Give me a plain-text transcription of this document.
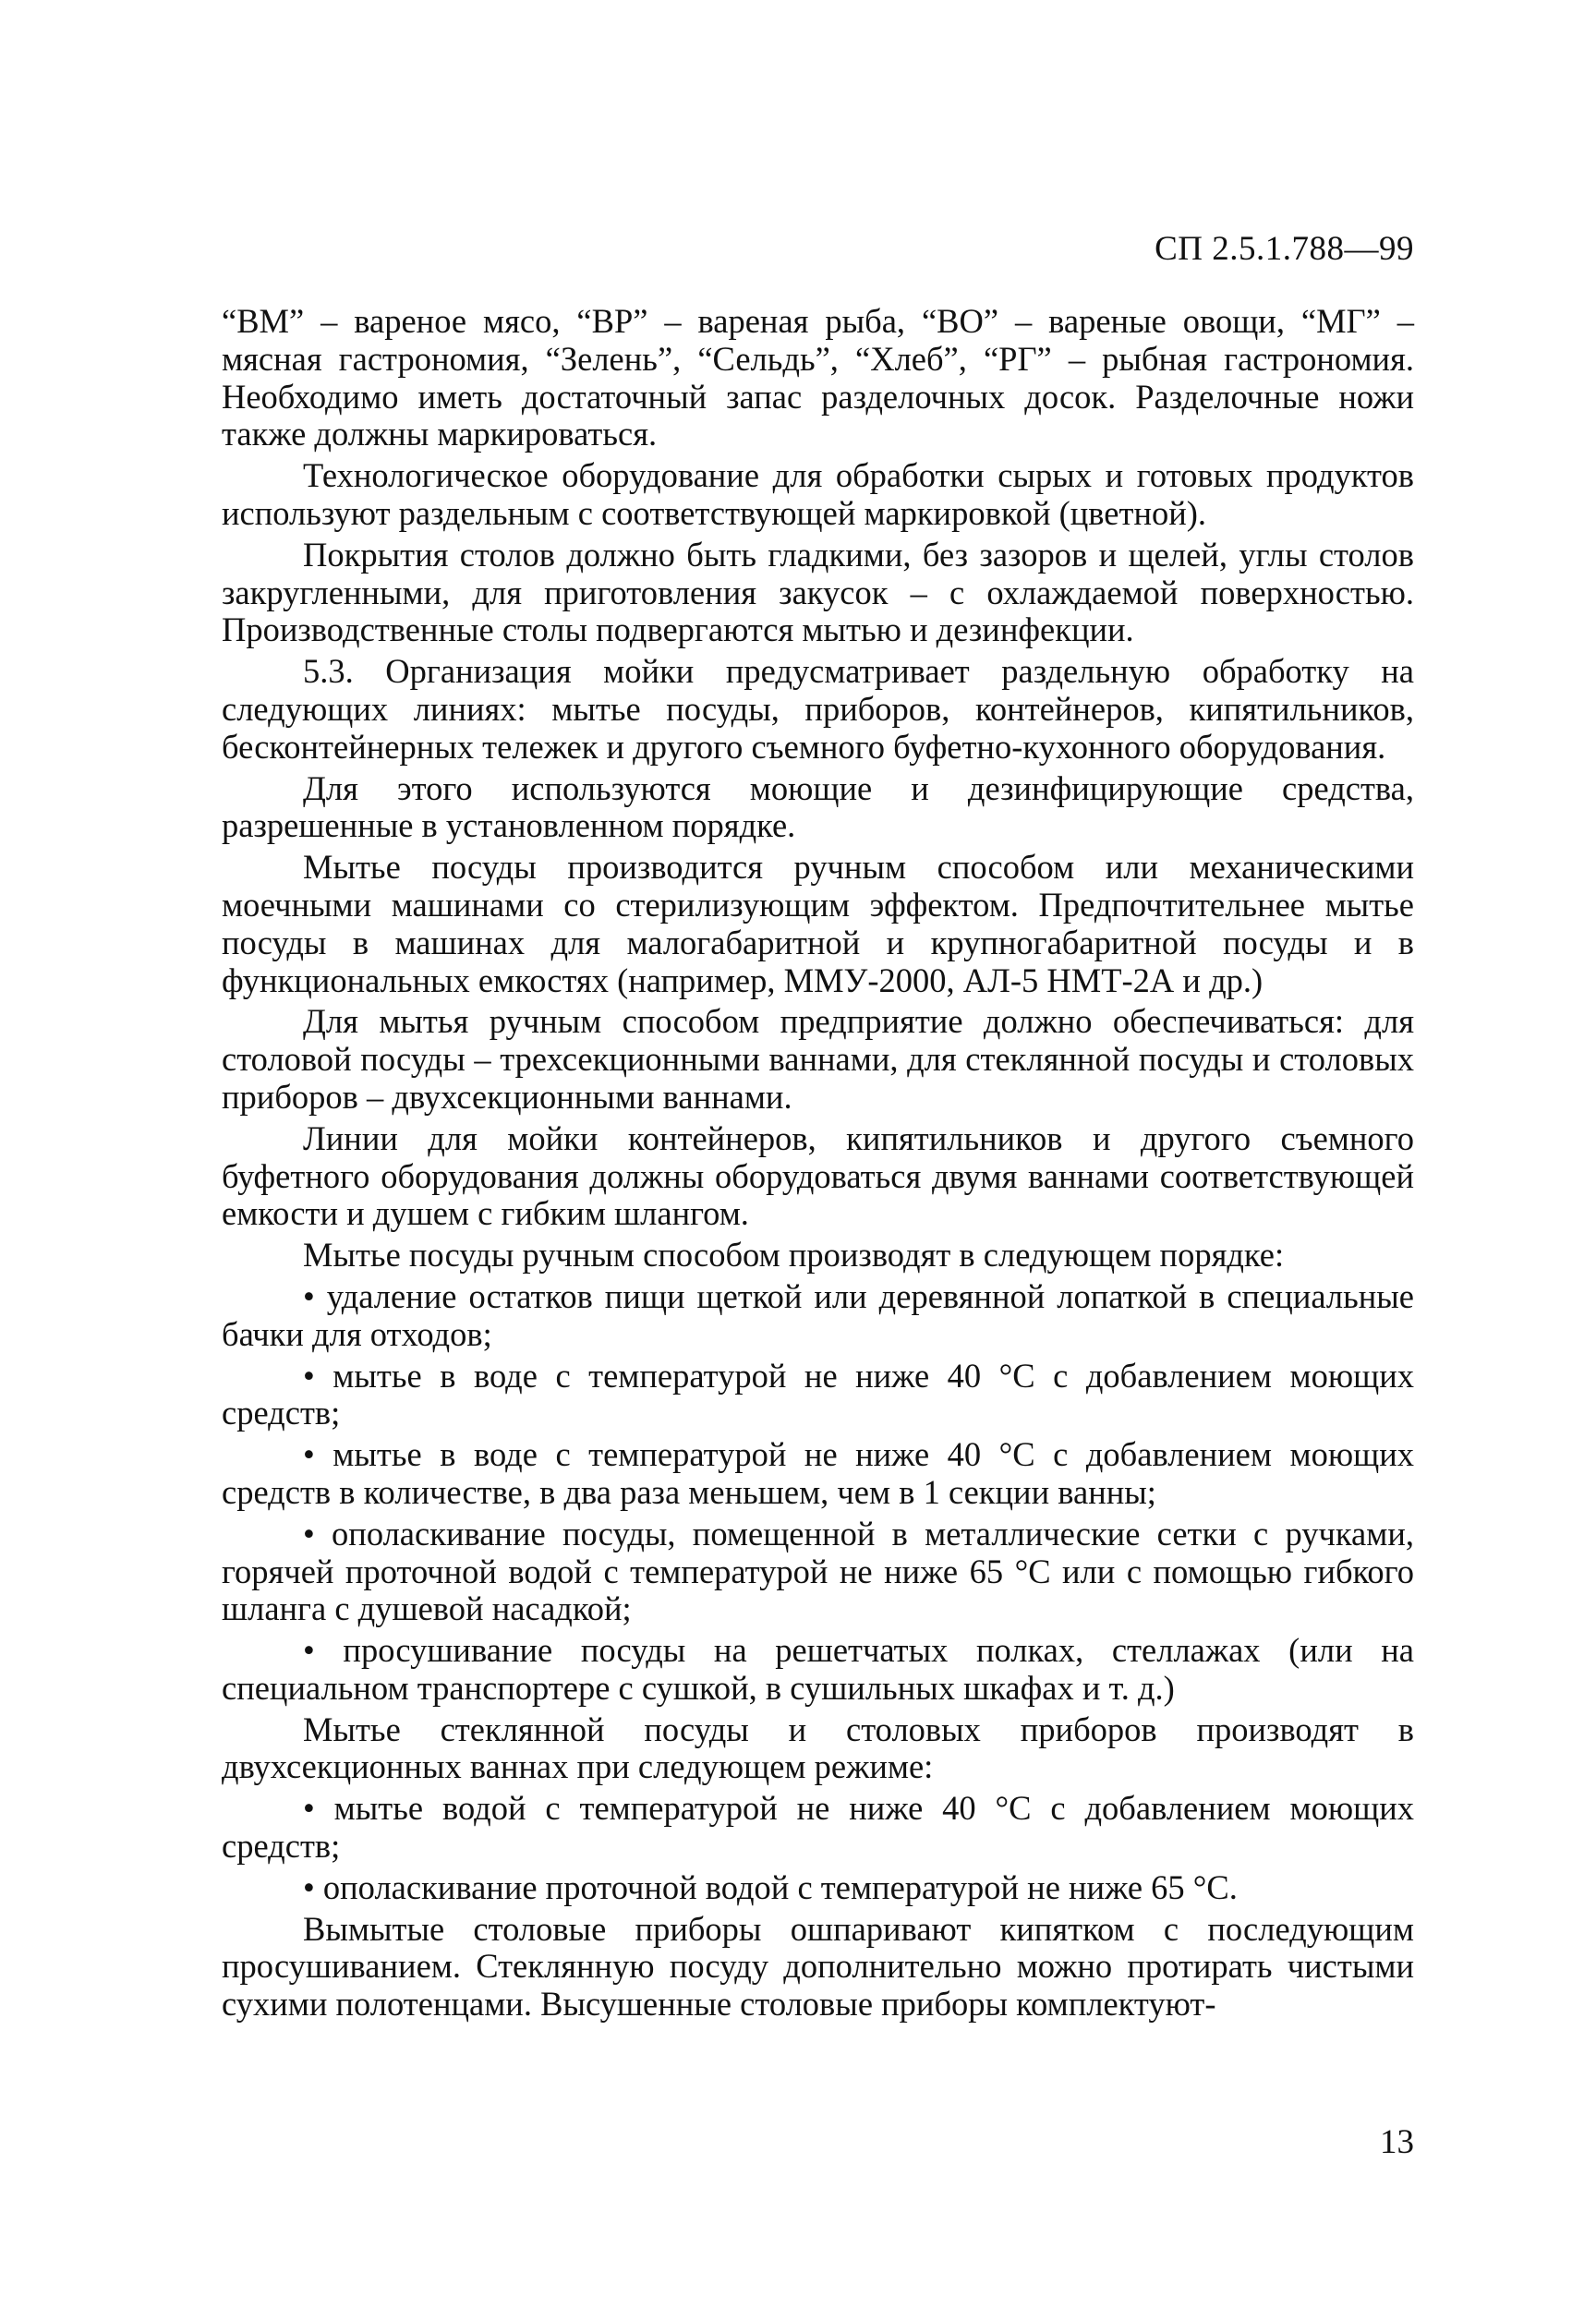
СП 2.5.1.788—99

“ВМ” – вареное мясо, “ВР” – вареная рыба, “ВО” – вареные овощи, “МГ” – мясная гастрономия, “Зелень”, “Сельдь”, “Хлеб”, “РГ” – рыбная гастрономия. Необходимо иметь достаточный запас разделочных досок. Разделочные ножи также должны маркироваться.

Технологическое оборудование для обработки сырых и готовых продуктов используют раздельным с соответствующей маркировкой (цветной).

Покрытия столов должно быть гладкими, без зазоров и щелей, углы столов закругленными, для приготовления закусок – с охлаждаемой поверхностью. Производственные столы подвергаются мытью и дезинфекции.

5.3. Организация мойки предусматривает раздельную обработку на следующих линиях: мытье посуды, приборов, контейнеров, кипятильников, бесконтейнерных тележек и другого съемного буфетно-кухонного оборудования.

Для этого используются моющие и дезинфицирующие средства, разрешенные в установленном порядке.

Мытье посуды производится ручным способом или механическими моечными машинами со стерилизующим эффектом. Предпочтительнее мытье посуды в машинах для малогабаритной и крупногабаритной посуды и в функциональных емкостях (например, ММУ-2000, АЛ-5 НМТ-2А и др.)

Для мытья ручным способом предприятие должно обеспечиваться: для столовой посуды – трехсекционными ваннами, для стеклянной посуды и столовых приборов – двухсекционными ваннами.

Линии для мойки контейнеров, кипятильников и другого съемного буфетного оборудования должны оборудоваться двумя ваннами соответствующей емкости и душем с гибким шлангом.

Мытье посуды ручным способом производят в следующем порядке:

• удаление остатков пищи щеткой или деревянной лопаткой в специальные бачки для отходов;

• мытье в воде с температурой не ниже 40 °С с добавлением моющих средств;

• мытье в воде с температурой не ниже 40 °С с добавлением моющих средств в количестве, в два раза меньшем, чем в 1 секции ванны;

• ополаскивание посуды, помещенной в металлические сетки с ручками, горячей проточной водой с температурой не ниже 65 °С или с помощью гибкого шланга с душевой насадкой;

• просушивание посуды на решетчатых полках, стеллажах (или на специальном транспортере с сушкой, в сушильных шкафах и т. д.)

Мытье стеклянной посуды и столовых приборов производят в двухсекционных ваннах при следующем режиме:

• мытье водой с температурой не ниже 40 °С с добавлением моющих средств;

• ополаскивание проточной водой с температурой не ниже 65 °С.

Вымытые столовые приборы ошпаривают кипятком с последующим просушиванием. Стеклянную посуду дополнительно можно протирать чистыми сухими полотенцами. Высушенные столовые приборы комплектуют-

13
